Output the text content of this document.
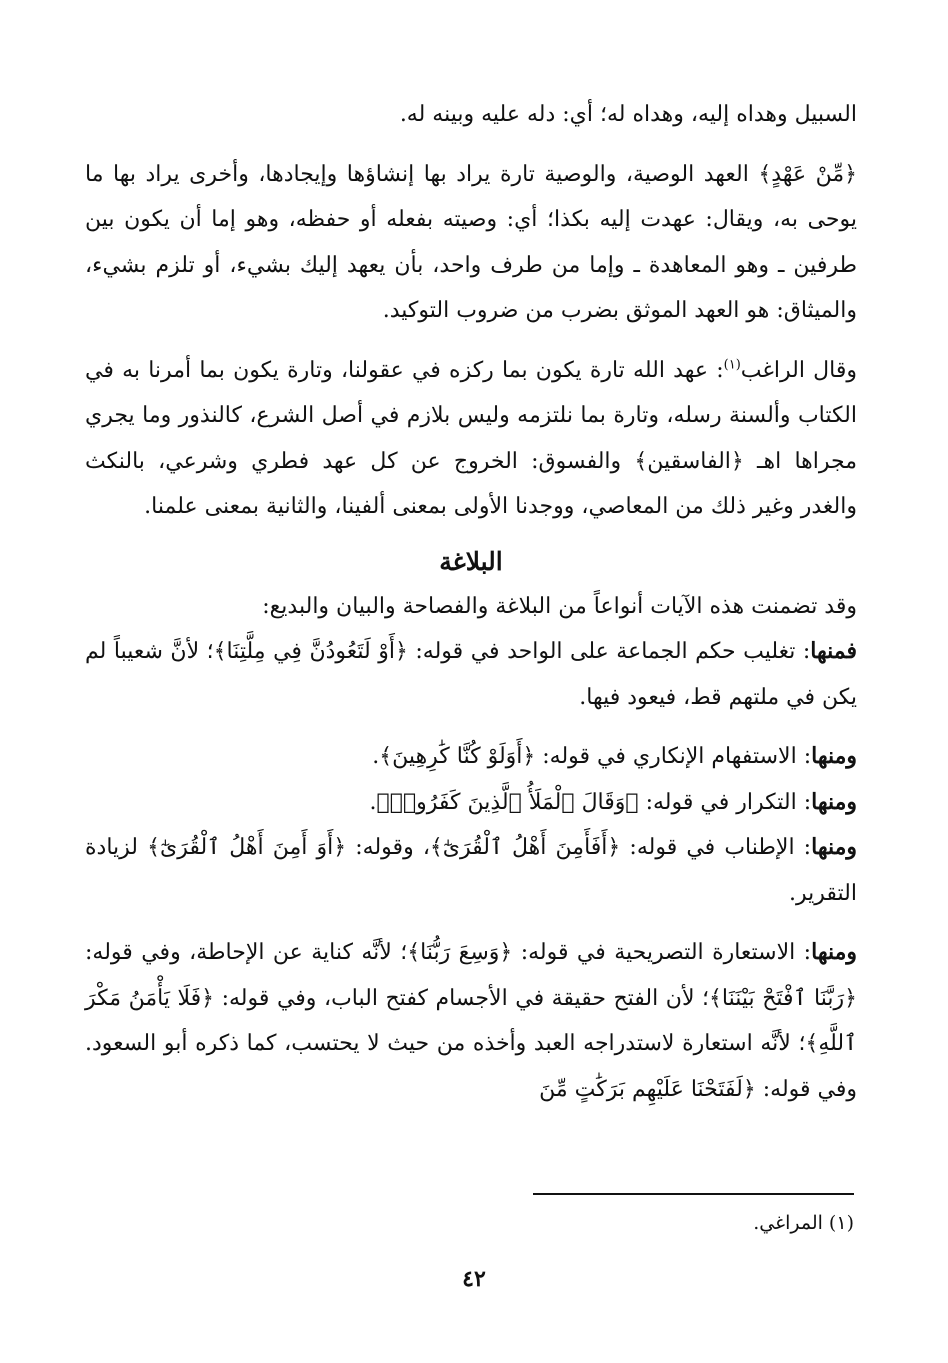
السبيل وهداه إليه، وهداه له؛ أي: دله عليه وبينه له.

﴿مِّنْ عَهْدٍ﴾ العهد الوصية، والوصية تارة يراد بها إنشاؤها وإيجادها، وأخرى يراد بها ما يوحى به، ويقال: عهدت إليه بكذا؛ أي: وصيته بفعله أو حفظه، وهو إما أن يكون بين طرفين ـ وهو المعاهدة ـ وإما من طرف واحد، بأن يعهد إليك بشيء، أو تلزم بشيء، والميثاق: هو العهد الموثق بضرب من ضروب التوكيد.

وقال الراغب$^{(١)}$: عهد الله تارة يكون بما ركزه في عقولنا، وتارة يكون بما أمرنا به في الكتاب وألسنة رسله، وتارة بما نلتزمه وليس بلازم في أصل الشرع، كالنذور وما يجري مجراها اهـ ﴿الفاسقين﴾ والفسوق: الخروج عن كل عهد فطري وشرعي، بالنكث والغدر وغير ذلك من المعاصي، ووجدنا الأولى بمعنى ألفينا، والثانية بمعنى علمنا.

البلاغة

وقد تضمنت هذه الآيات أنواعاً من البلاغة والفصاحة والبيان والبديع:

فمنها: تغليب حكم الجماعة على الواحد في قوله: ﴿أَوْ لَتَعُودُنَّ فِي مِلَّتِنَا﴾؛ لأنَّ شعيباً لم يكن في ملتهم قط، فيعود فيها.

ومنها: الاستفهام الإنكاري في قوله: ﴿أَوَلَوْ كُنَّا كَٰرِهِينَ﴾.

ومنها: التكرار في قوله: ﴿وَقَالَ ٱلْمَلَأُ ٱلَّذِينَ كَفَرُوا۟﴾.

ومنها: الإطناب في قوله: ﴿أَفَأَمِنَ أَهْلُ ٱلْقُرَىٰٓ﴾، وقوله: ﴿أَوَ أَمِنَ أَهْلُ ٱلْقُرَىٰٓ﴾ لزيادة التقرير.

ومنها: الاستعارة التصريحية في قوله: ﴿وَسِعَ رَبُّنَا﴾؛ لأنَّه كناية عن الإحاطة، وفي قوله: ﴿رَبَّنَا ٱفْتَحْ بَيْنَنَا﴾؛ لأن الفتح حقيقة في الأجسام كفتح الباب، وفي قوله: ﴿فَلَا يَأْمَنُ مَكْرَ ٱللَّهِ﴾؛ لأنَّه استعارة لاستدراجه العبد وأخذه من حيث لا يحتسب، كما ذكره أبو السعود. وفي قوله: ﴿لَفَتَحْنَا عَلَيْهِم بَرَكَٰتٍ مِّنَ

(١) المراغي.
٤٢
